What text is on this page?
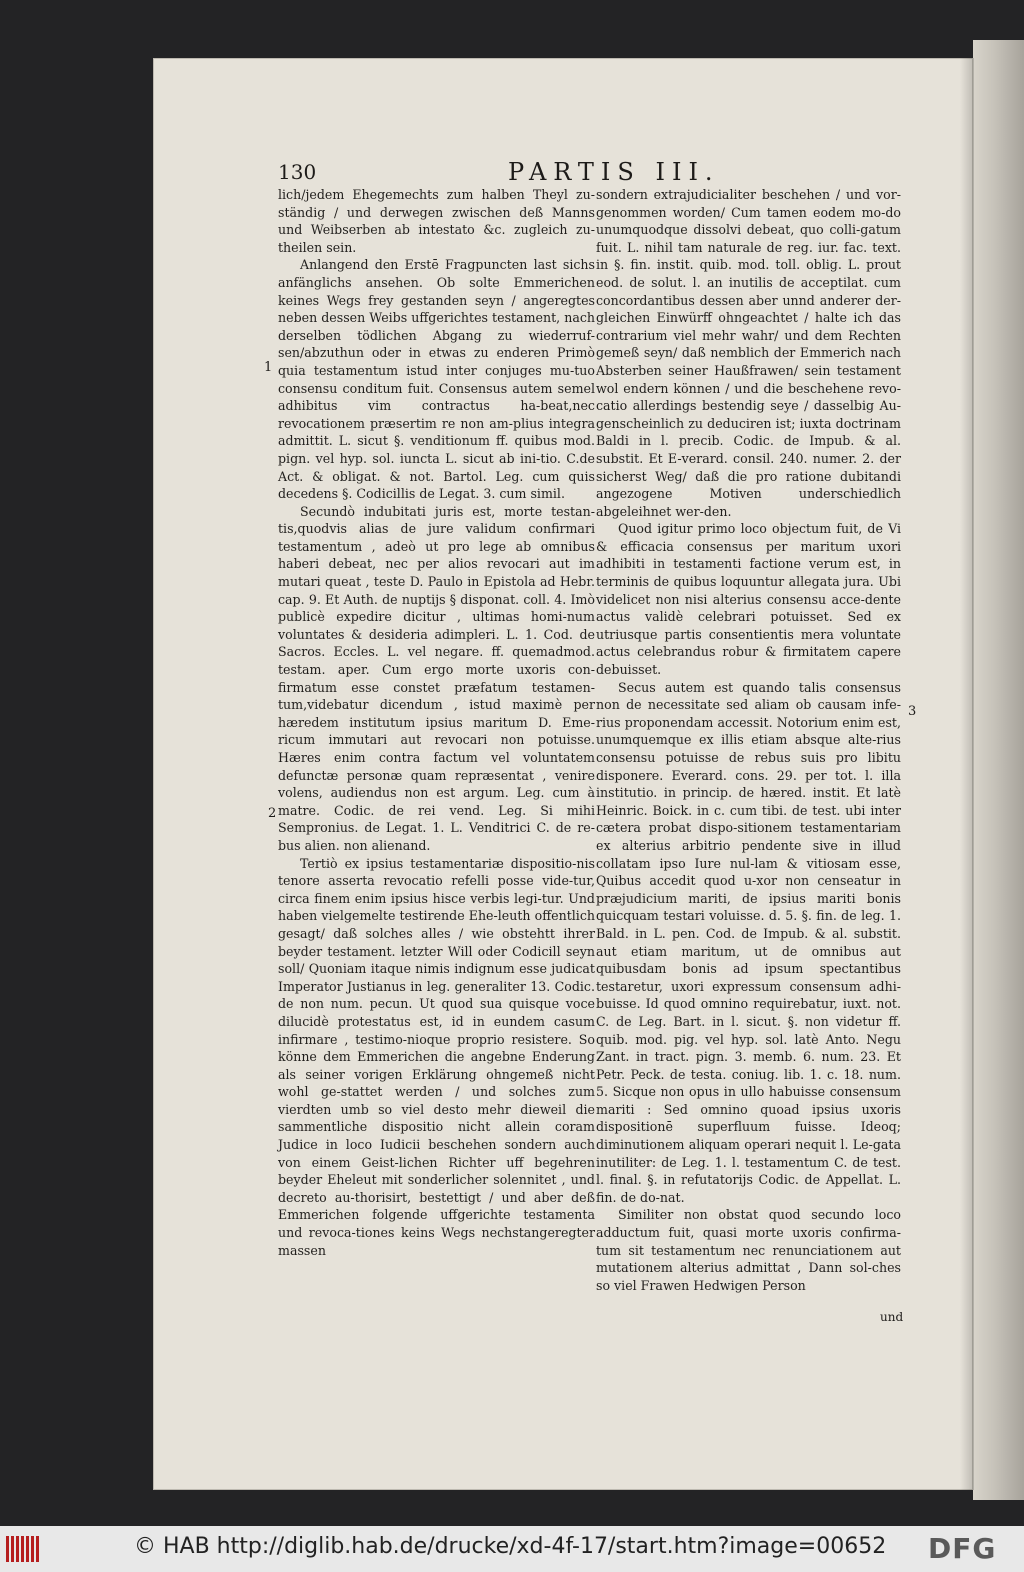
130	PARTIS III.

lich/jedem Ehegemechts zum halben Theyl zu-ständig / und derwegen zwischen deß Manns und Weibserben ab intestato &c. zugleich zu-theilen sein.

Anlangend den Erstē Fragpuncten last sichs anfänglichs ansehen. Ob solte Emmerichen keines Wegs frey gestanden seyn / angeregtes neben dessen Weibs uffgerichtes testament, nach derselben tödlichen Abgang zu wiederruf-sen/abzuthun oder in etwas zu enderen Primò quia testamentum istud inter conjuges mu-tuo consensu conditum fuit. Consensus autem semel adhibitus vim contractus ha-beat,nec revocationem præsertim re non am-plius integra admittit. L. sicut §. venditionum ff. quibus mod. pign. vel hyp. sol. iuncta L. sicut ab ini-tio. C.de Act. & obligat. & not. Bartol. Leg. cum quis decedens §. Codicillis de Legat. 3. cum simil.

Secundò indubitati juris est, morte testan-tis,quodvis alias de jure validum confirmari testamentum , adeò ut pro lege ab omnibus haberi debeat, nec per alios revocari aut im mutari queat , teste D. Paulo in Epistola ad Hebr. cap. 9. Et Auth. de nuptijs § disponat. coll. 4. Imò publicè expedire dicitur , ultimas homi-num voluntates & desideria adimpleri. L. 1. Cod. de Sacros. Eccles. L. vel negare. ff. quemadmod. testam. aper. Cum ergo morte uxoris con-firmatum esse constet præfatum testamen-tum,videbatur dicendum , istud maximè per hæredem institutum ipsius maritum D. Eme-ricum immutari aut revocari non potuisse. Hæres enim contra factum vel voluntatem defunctæ personæ quam repræsentat , venire volens, audiendus non est argum. Leg. cum à matre. Codic. de rei vend. Leg. Si mihi Sempronius. de Legat. 1. L. Venditrici C. de re-bus alien. non alienand.

Tertiò ex ipsius testamentariæ dispositio-nis tenore asserta revocatio refelli posse vide-tur, circa finem enim ipsius hisce verbis legi-tur. Und haben vielgemelte testirende Ehe-leuth offentlich gesagt/ daß solches alles / wie obstehtt ihrer beyder testament. letzter Will oder Codicill seyn soll/ Quoniam itaque nimis indignum esse judicat Imperator Justianus in leg. generaliter 13. Codic. de non num. pecun. Ut quod sua quisque voce dilucidè protestatus est, id in eundem casum infirmare , testimo-nioque proprio resistere. So könne dem Emmerichen die angebne Enderung als seiner vorigen Erklärung ohngemeß nicht wohl ge-stattet werden / und solches zum vierdten umb so viel desto mehr dieweil die sammentliche dispositio nicht allein coram Judice in loco Iudicii beschehen sondern auch von einem Geist-lichen Richter uff begehren beyder Eheleut mit sonderlicher solennitet , und decreto au-thorisirt, bestettigt / und aber deß Emmerichen folgende uffgerichte testamenta und revoca-tiones keins Wegs nechstangeregter massen

sondern extrajudicialiter beschehen / und vor-genommen worden/ Cum tamen eodem mo-do unumquodque dissolvi debeat, quo colli-gatum fuit. L. nihil tam naturale de reg. iur. fac. text. in §. fin. instit. quib. mod. toll. oblig. L. prout eod. de solut. l. an inutilis de acceptilat. cum concordantibus dessen aber unnd anderer der-gleichen Einwürff ohngeachtet / halte ich das contrarium viel mehr wahr/ und dem Rechten gemeß seyn/ daß nemblich der Emmerich nach Absterben seiner Haußfrawen/ sein testament wol endern können / und die beschehene revo-catio allerdings bestendig seye / dasselbig Au-genscheinlich zu deduciren ist; iuxta doctrinam Baldi in l. precib. Codic. de Impub. & al. substit. Et E-verard. consil. 240. numer. 2. der sicherst Weg/ daß die pro ratione dubitandi angezogene Motiven underschiedlich abgeleihnet wer-den.

Quod igitur primo loco objectum fuit, de Vi & efficacia consensus per maritum uxori adhibiti in testamenti factione verum est, in terminis de quibus loquuntur allegata jura. Ubi videlicet non nisi alterius consensu acce-dente actus validè celebrari potuisset. Sed ex utriusque partis consentientis mera voluntate actus celebrandus robur & firmitatem capere debuisset.

Secus autem est quando talis consensus non de necessitate sed aliam ob causam infe-rius proponendam accessit. Notorium enim est, unumquemque ex illis etiam absque alte-rius consensu potuisse de rebus suis pro libitu disponere. Everard. cons. 29. per tot. l. illa institutio. in princip. de hæred. instit. Et latè Heinric. Boick. in c. cum tibi. de test. ubi inter cætera probat dispo-sitionem testamentariam ex alterius arbitrio pendente sive in illud collatam ipso Iure nul-lam & vitiosam esse, Quibus accedit quod u-xor non censeatur in præjudicium mariti, de ipsius mariti bonis quicquam testari voluisse. d. 5. §. fin. de leg. 1. Bald. in L. pen. Cod. de Impub. & al. substit. aut etiam maritum, ut de omnibus aut quibusdam bonis ad ipsum spectantibus testaretur, uxori expressum consensum adhi-buisse. Id quod omnino requirebatur, iuxt. not. C. de Leg. Bart. in l. sicut. §. non videtur ff. quib. mod. pig. vel hyp. sol. latè Anto. Negu Zant. in tract. pign. 3. memb. 6. num. 23. Et Petr. Peck. de testa. coniug. lib. 1. c. 18. num. 5. Sicque non opus in ullo habuisse consensum mariti : Sed omnino quoad ipsius uxoris dispositionē superfluum fuisse. Ideoq; diminutionem aliquam operari nequit l. Le-gata inutiliter: de Leg. 1. l. testamentum C. de test. l. final. §. in refutatorijs Codic. de Appellat. L. fin. de do-nat.

Similiter non obstat quod secundo loco adductum fuit, quasi morte uxoris confirma-tum sit testamentum nec renunciationem aut mutationem alterius admittat , Dann sol-ches so viel Frawen Hedwigen Person

1
2
3
und
© HAB http://diglib.hab.de/drucke/xd-4f-17/start.htm?image=00652 DFG
